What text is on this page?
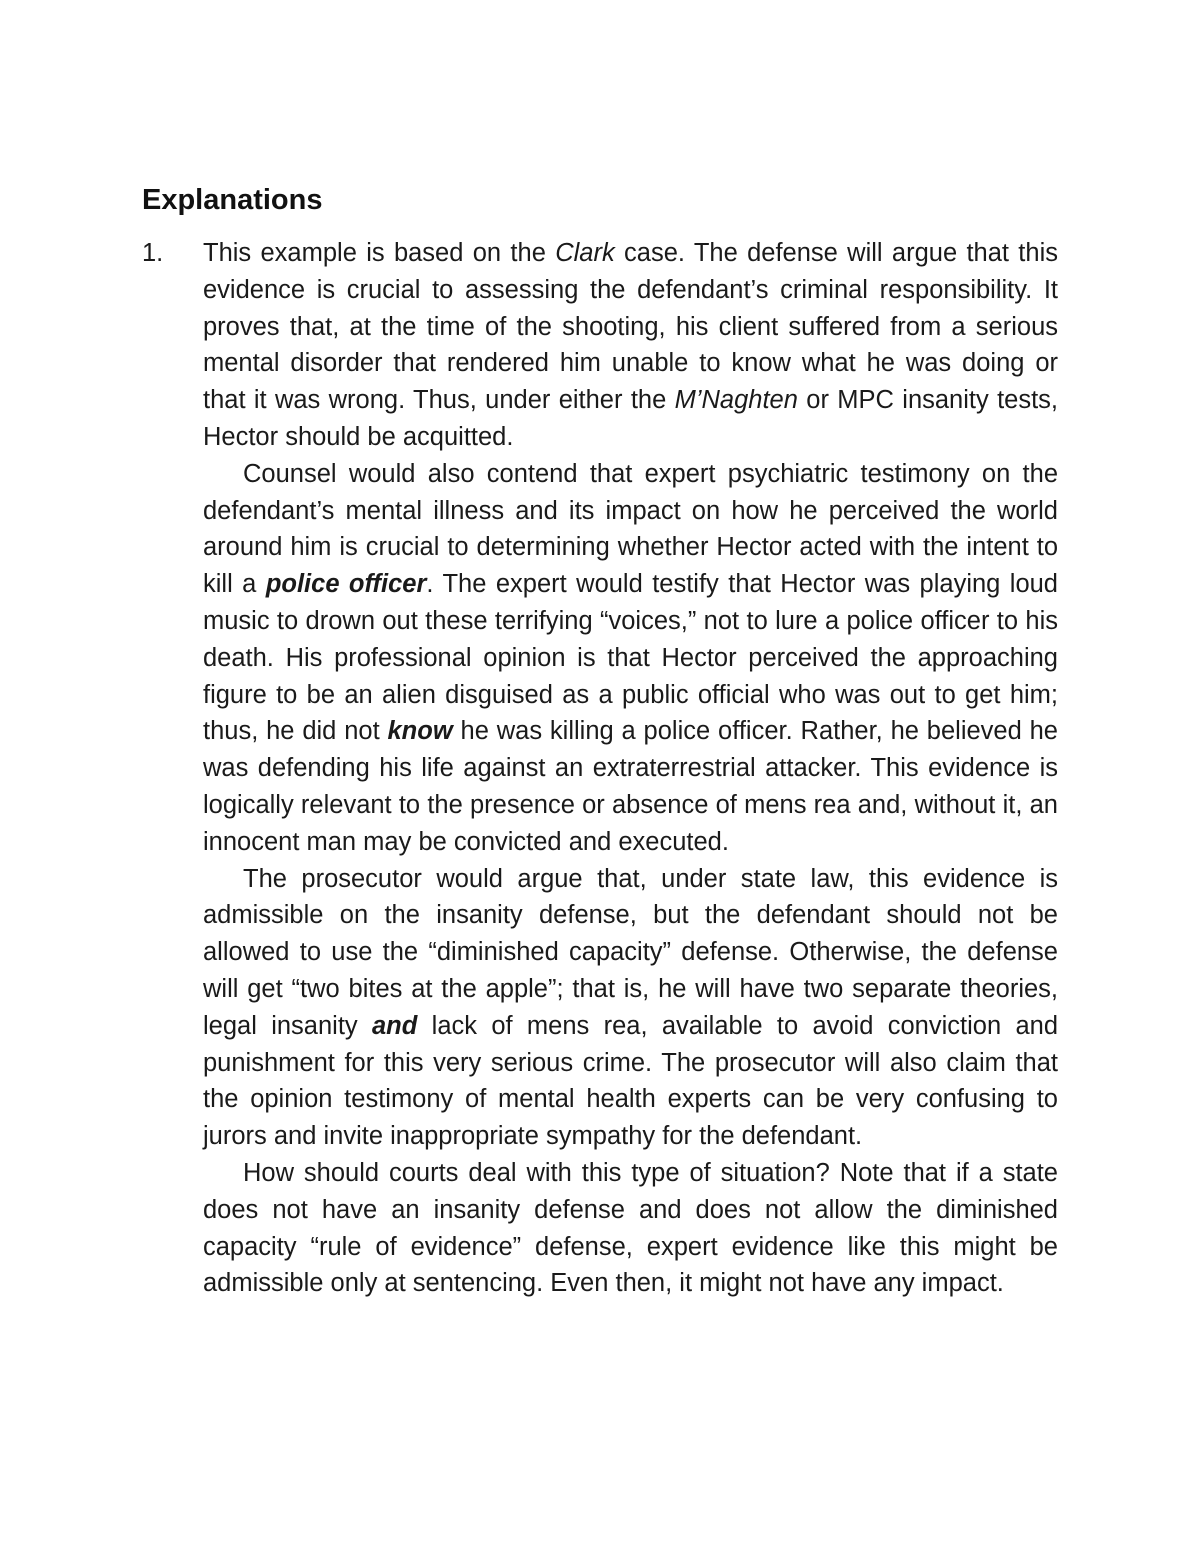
Explanations
1. This example is based on the Clark case. The defense will argue that this evidence is crucial to assessing the defendant’s criminal responsibility. It proves that, at the time of the shooting, his client suffered from a serious mental disorder that rendered him unable to know what he was doing or that it was wrong. Thus, under either the M’Naghten or MPC insanity tests, Hector should be acquitted.

Counsel would also contend that expert psychiatric testimony on the defendant’s mental illness and its impact on how he perceived the world around him is crucial to determining whether Hector acted with the intent to kill a police officer. The expert would testify that Hector was playing loud music to drown out these terrifying “voices,” not to lure a police officer to his death. His professional opinion is that Hector perceived the approaching figure to be an alien disguised as a public official who was out to get him; thus, he did not know he was killing a police officer. Rather, he believed he was defending his life against an extraterrestrial attacker. This evidence is logically relevant to the presence or absence of mens rea and, without it, an innocent man may be convicted and executed.

The prosecutor would argue that, under state law, this evidence is admissible on the insanity defense, but the defendant should not be allowed to use the “diminished capacity” defense. Otherwise, the defense will get “two bites at the apple”; that is, he will have two separate theories, legal insanity and lack of mens rea, available to avoid conviction and punishment for this very serious crime. The prosecutor will also claim that the opinion testimony of mental health experts can be very confusing to jurors and invite inappropriate sympathy for the defendant.

How should courts deal with this type of situation? Note that if a state does not have an insanity defense and does not allow the diminished capacity “rule of evidence” defense, expert evidence like this might be admissible only at sentencing. Even then, it might not have any impact.
